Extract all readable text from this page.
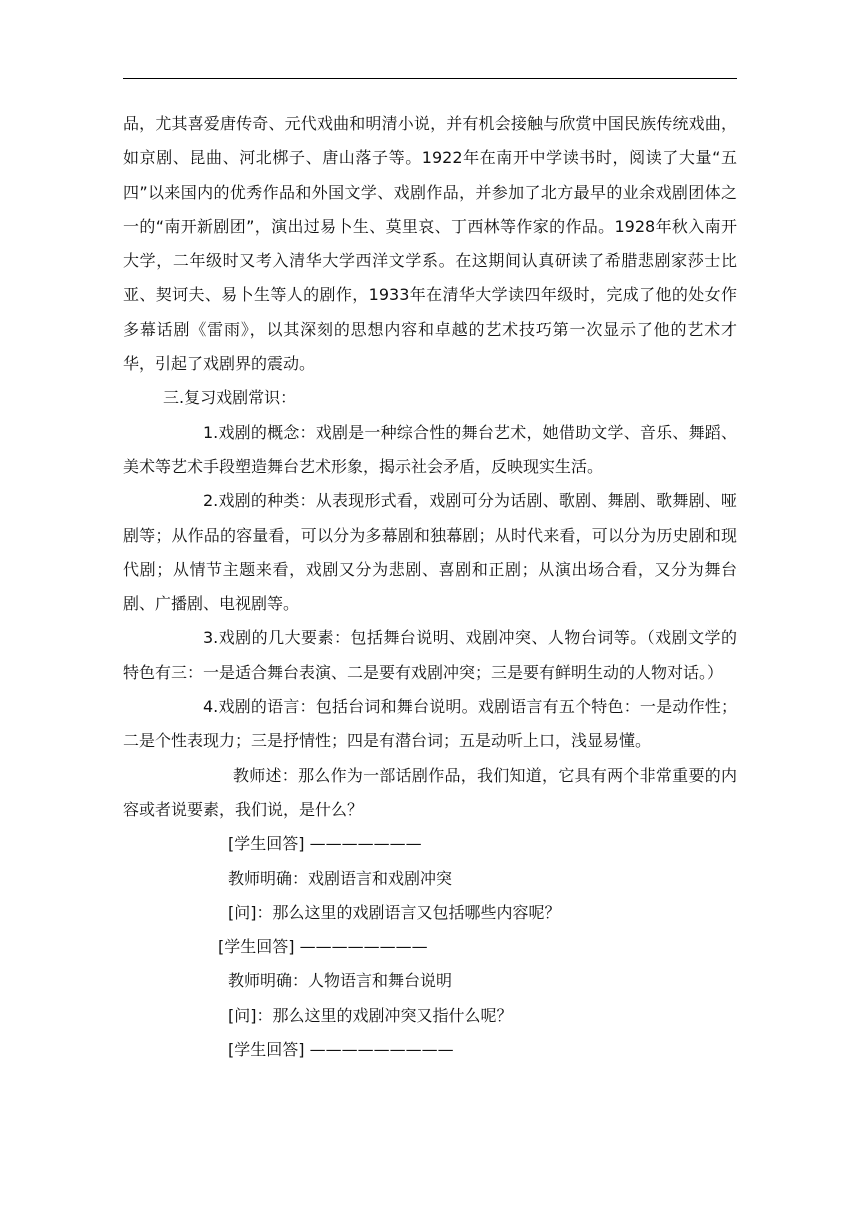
品，尤其喜爱唐传奇、元代戏曲和明清小说，并有机会接触与欣赏中国民族传统戏曲，如京剧、昆曲、河北梆子、唐山落子等。1922年在南开中学读书时，阅读了大量“五四”以来国内的优秀作品和外国文学、戏剧作品，并参加了北方最早的业余戏剧团体之一的“南开新剧团”，演出过易卜生、莫里哀、丁西林等作家的作品。1928年秋入南开大学，二年级时又考入清华大学西洋文学系。在这期间认真研读了希腊悲剧家莎士比亚、契诃夫、易卜生等人的剧作，1933年在清华大学读四年级时，完成了他的处女作多幕话剧《雷雨》，以其深刻的思想内容和卓越的艺术技巧第一次显示了他的艺术才华，引起了戏剧界的震动。

三.复习戏剧常识：

1.戏剧的概念：戏剧是一种综合性的舞台艺术，她借助文学、音乐、舞蹈、美术等艺术手段塑造舞台艺术形象，揭示社会矛盾，反映现实生活。

2.戏剧的种类：从表现形式看，戏剧可分为话剧、歌剧、舞剧、歌舞剧、哑剧等；从作品的容量看，可以分为多幕剧和独幕剧；从时代来看，可以分为历史剧和现代剧；从情节主题来看，戏剧又分为悲剧、喜剧和正剧；从演出场合看，又分为舞台剧、广播剧、电视剧等。

3.戏剧的几大要素：包括舞台说明、戏剧冲突、人物台词等。（戏剧文学的特色有三：一是适合舞台表演、二是要有戏剧冲突；三是要有鲜明生动的人物对话。）

4.戏剧的语言：包括台词和舞台说明。戏剧语言有五个特色：一是动作性；二是个性表现力；三是抒情性；四是有潜台词；五是动听上口，浅显易懂。

教师述：那么作为一部话剧作品，我们知道，它具有两个非常重要的内容或者说要素，我们说，是什么？

[学生回答] ———————

教师明确：戏剧语言和戏剧冲突

[问]：那么这里的戏剧语言又包括哪些内容呢？

[学生回答] ————————

教师明确：人物语言和舞台说明

[问]：那么这里的戏剧冲突又指什么呢？

[学生回答] —————————
